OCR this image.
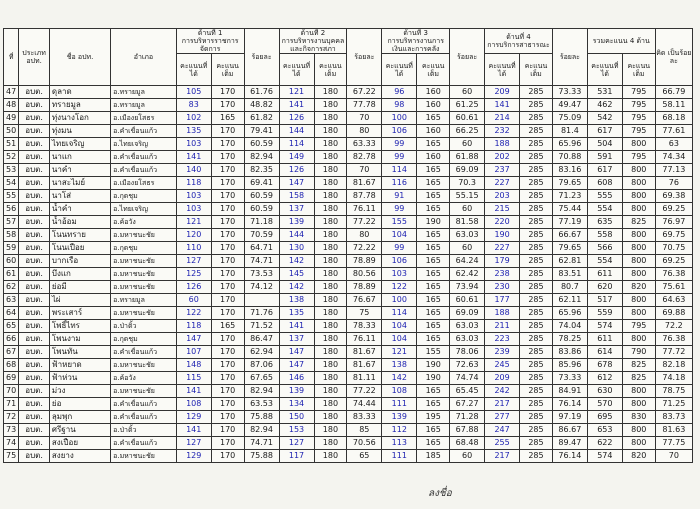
ที่	ประเภท อปท.	ชื่อ อปท.	อำเภอ	ด้านที่ 1
การบริหารราชการจัดการ		ร้อยละ	ด้านที่ 2
การบริหารงานบุคคลและกิจการสภา		ร้อยละ	ด้านที่ 3
การบริหารงานการเงินและการคลัง		ร้อยละ	ด้านที่ 4
การบริการสาธารณะ		ร้อยละ	รวมคะแนน 4 ด้าน		คิด เป็นร้อยละ
				คะแนนที่ได้	คะแนนเต็ม		คะแนนที่ได้	คะแนนเต็ม		คะแนนที่ได้	คะแนนเต็ม		คะแนนที่ได้	คะแนนเต็ม		คะแนนที่ได้	คะแนนเต็ม	

47	อบต.	ดุลาด	อ.ทรายมูล	105	170	61.76	121	180	67.22	96	160	60	209	285	73.33	531	795	66.79
48	อบต.	ทรายมูล	อ.ทรายมูล	83	170	48.82	141	180	77.78	98	160	61.25	141	285	49.47	462	795	58.11
49	อบต.	ทุ่งนางโอก	อ.เมืองยโสธร	102	165	61.82	126	180	70	100	165	60.61	214	285	75.09	542	795	68.18
50	อบต.	ทุ่งมน	อ.คำเขื่อนแก้ว	135	170	79.41	144	180	80	106	160	66.25	232	285	81.4	617	795	77.61
51	อบต.	ไทยเจริญ	อ.ไทยเจริญ	103	170	60.59	114	180	63.33	99	165	60	188	285	65.96	504	800	63
52	อบต.	นาแก	อ.คำเขื่อนแก้ว	141	170	82.94	149	180	82.78	99	160	61.88	202	285	70.88	591	795	74.34
53	อบต.	นาคำ	อ.คำเขื่อนแก้ว	140	170	82.35	126	180	70	114	165	69.09	237	285	83.16	617	800	77.13
54	อบต.	นาสะไมย์	อ.เมืองยโสธร	118	170	69.41	147	180	81.67	116	165	70.3	227	285	79.65	608	800	76
55	อบต.	นาโส่	อ.กุดชุม	103	170	60.59	158	180	87.78	91	165	55.15	203	285	71.23	555	800	69.38
56	อบต.	น้ำคำ	อ.ไทยเจริญ	103	170	60.59	137	180	76.11	99	165	60	215	285	75.44	554	800	69.25
57	อบต.	น้ำอ้อม	อ.ค้อวัง	121	170	71.18	139	180	77.22	155	190	81.58	220	285	77.19	635	825	76.97
58	อบต.	โนนทราย	อ.มหาชนะชัย	120	170	70.59	144	180	80	104	165	63.03	190	285	66.67	558	800	69.75
59	อบต.	โนนเปือย	อ.กุดชุม	110	170	64.71	130	180	72.22	99	165	60	227	285	79.65	566	800	70.75
60	อบต.	บากเรือ	อ.มหาชนะชัย	127	170	74.71	142	180	78.89	106	165	64.24	179	285	62.81	554	800	69.25
61	อบต.	บึงแก	อ.มหาชนะชัย	125	170	73.53	145	180	80.56	103	165	62.42	238	285	83.51	611	800	76.38
62	อบต.	ย่อมี	อ.มหาชนะชัย	126	170	74.12	142	180	78.89	122	165	73.94	230	285	80.7	620	820	75.61
63	อบต.	ไผ่	อ.ทรายมูล	60	170		138	180	76.67	100	165	60.61	177	285	62.11	517	800	64.63
64	อบต.	พระเสาร์	อ.มหาชนะชัย	122	170	71.76	135	180	75	114	165	69.09	188	285	65.96	559	800	69.88
65	อบต.	โพธิ์ไทร	อ.ป่าติ้ว	118	165	71.52	141	180	78.33	104	165	63.03	211	285	74.04	574	795	72.2
66	อบต.	โพนงาม	อ.กุดชุม	147	170	86.47	137	180	76.11	104	165	63.03	223	285	78.25	611	800	76.38
67	อบต.	โพนทัน	อ.คำเขื่อนแก้ว	107	170	62.94	147	180	81.67	121	155	78.06	239	285	83.86	614	790	77.72
68	อบต.	ฟ้าหยาด	อ.มหาชนะชัย	148	170	87.06	147	180	81.67	138	190	72.63	245	285	85.96	678	825	82.18
69	อบต.	ฟ้าห่วน	อ.ค้อวัง	115	170	67.65	146	180	81.11	142	190	74.74	209	285	73.33	612	825	74.18
70	อบต.	ม่วง	อ.มหาชนะชัย	141	170	82.94	139	180	77.22	108	165	65.45	242	285	84.91	630	800	78.75
71	อบต.	ย่อ	อ.คำเขื่อนแก้ว	108	170	63.53	134	180	74.44	111	165	67.27	217	285	76.14	570	800	71.25
72	อบต.	ลุมพุก	อ.คำเขื่อนแก้ว	129	170	75.88	150	180	83.33	139	195	71.28	277	285	97.19	695	830	83.73
73	อบต.	ศรีฐาน	อ.ป่าติ้ว	141	170	82.94	153	180	85	112	165	67.88	247	285	86.67	653	800	81.63
74	อบต.	สงเปือย	อ.คำเขื่อนแก้ว	127	170	74.71	127	180	70.56	113	165	68.48	255	285	89.47	622	800	77.75
75	อบต.	สงยาง	อ.มหาชนะชัย	129	170	75.88	117	180	65	111	185	60	217	285	76.14	574	820	70
ลงชื่อ
